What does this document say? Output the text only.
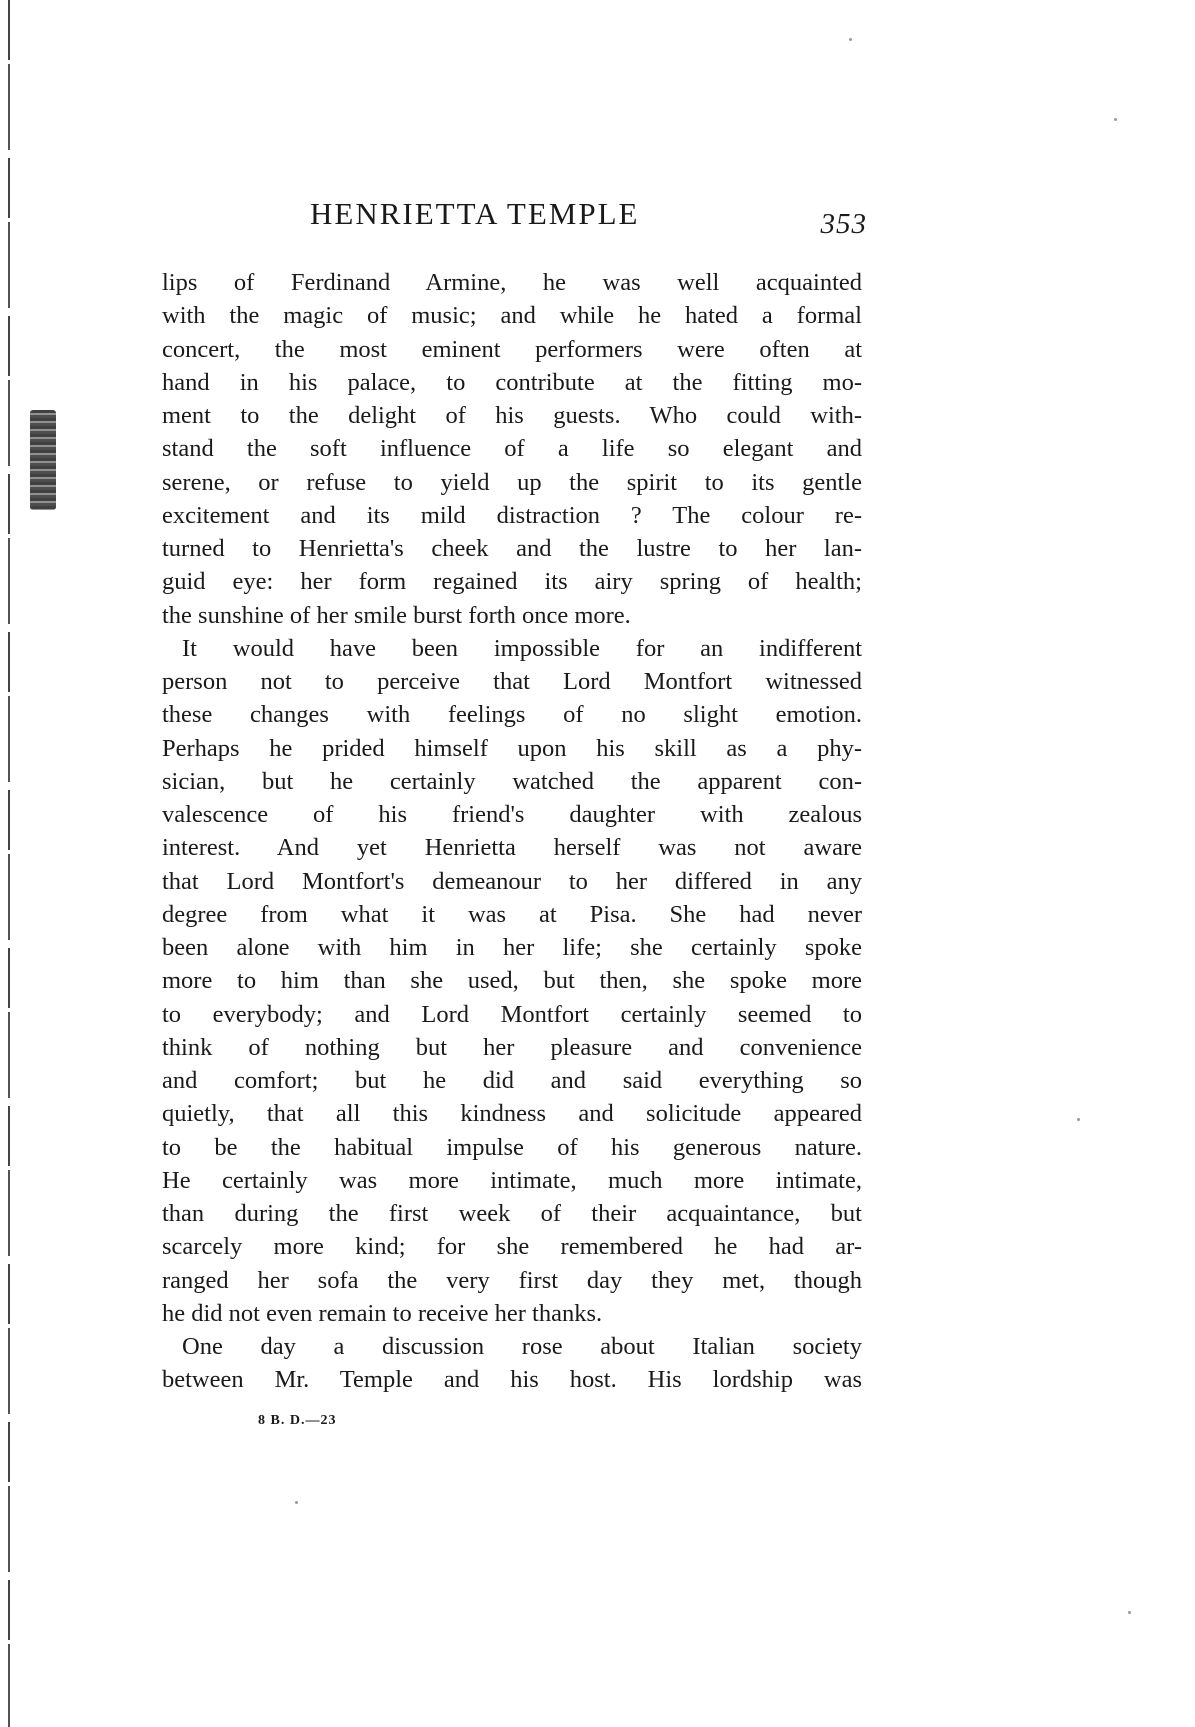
HENRIETTA TEMPLE	353
lips of Ferdinand Armine, he was well acquainted
with the magic of music; and while he hated a formal
concert, the most eminent performers were often at
hand in his palace, to contribute at the fitting mo-
ment to the delight of his guests. Who could with-
stand the soft influence of a life so elegant and
serene, or refuse to yield up the spirit to its gentle
excitement and its mild distraction ? The colour re-
turned to Henrietta's cheek and the lustre to her lan-
guid eye: her form regained its airy spring of health;
the sunshine of her smile burst forth once more.
It would have been impossible for an indifferent
person not to perceive that Lord Montfort witnessed
these changes with feelings of no slight emotion.
Perhaps he prided himself upon his skill as a phy-
sician, but he certainly watched the apparent con-
valescence of his friend's daughter with zealous
interest. And yet Henrietta herself was not aware
that Lord Montfort's demeanour to her differed in any
degree from what it was at Pisa. She had never
been alone with him in her life; she certainly spoke
more to him than she used, but then, she spoke more
to everybody; and Lord Montfort certainly seemed to
think of nothing but her pleasure and convenience
and comfort; but he did and said everything so
quietly, that all this kindness and solicitude appeared
to be the habitual impulse of his generous nature.
He certainly was more intimate, much more intimate,
than during the first week of their acquaintance, but
scarcely more kind; for she remembered he had ar-
ranged her sofa the very first day they met, though
he did not even remain to receive her thanks.
One day a discussion rose about Italian society
between Mr. Temple and his host. His lordship was
8 B. D.—23
